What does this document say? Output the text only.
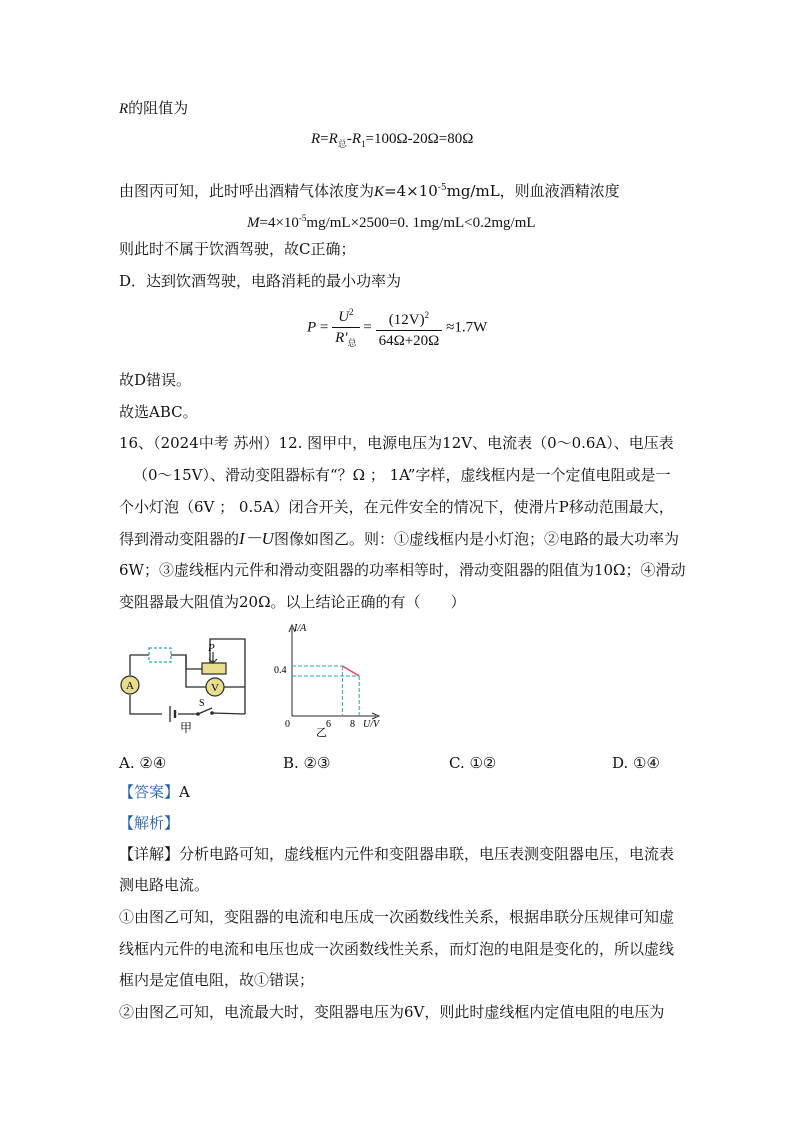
R的阻值为
$R=R_总-R_1=100\Omega-20\Omega=80\Omega$
由图丙可知，此时呼出酒精气体浓度为$K=4\times 10^{-5}mg/mL$，则血液酒精浓度
$M=4\times 10^{-5}mg/mL\times 2500=0$. 1mg/mL<0.2mg/mL
则此时不属于饮酒驾驶，故C正确；
D．达到饮酒驾驶，电路消耗的最小功率为
$P = \frac{U^2}{R'_总} = \frac{(12V)^2}{64\Omega+20\Omega} \approx 1.7W$
故D错误。
故选ABC。
16、（2024中考 苏州）12. 图甲中，电源电压为12V、电流表（0～0.6A）、电压表
（0～15V）、滑动变阻器标有“？Ω ； 1A”字样，虚线框内是一个定值电阻或是一
个小灯泡（6V ； 0.5A）闭合开关，在元件安全的情况下，使滑片P移动范围最大，
得到滑动变阻器的I－U图像如图乙。则：①虚线框内是小灯泡；②电路的最大功率为
6W；③虚线框内元件和滑动变阻器的功率相等时，滑动变阻器的阻值为10Ω；④滑动
变阻器最大阻值为20Ω。以上结论正确的有（　　）
A	V
P
S
甲
I/A
U/V
0.4
6 8
0
乙
A. ②④	B. ②③	C. ①②	D. ①④
【答案】A
【解析】
【详解】分析电路可知，虚线框内元件和变阻器串联，电压表测变阻器电压，电流表
测电路电流。
①由图乙可知，变阻器的电流和电压成一次函数线性关系，根据串联分压规律可知虚
线框内元件的电流和电压也成一次函数线性关系，而灯泡的电阻是变化的，所以虚线
框内是定值电阻，故①错误；
②由图乙可知，电流最大时，变阻器电压为6V，则此时虚线框内定值电阻的电压为
